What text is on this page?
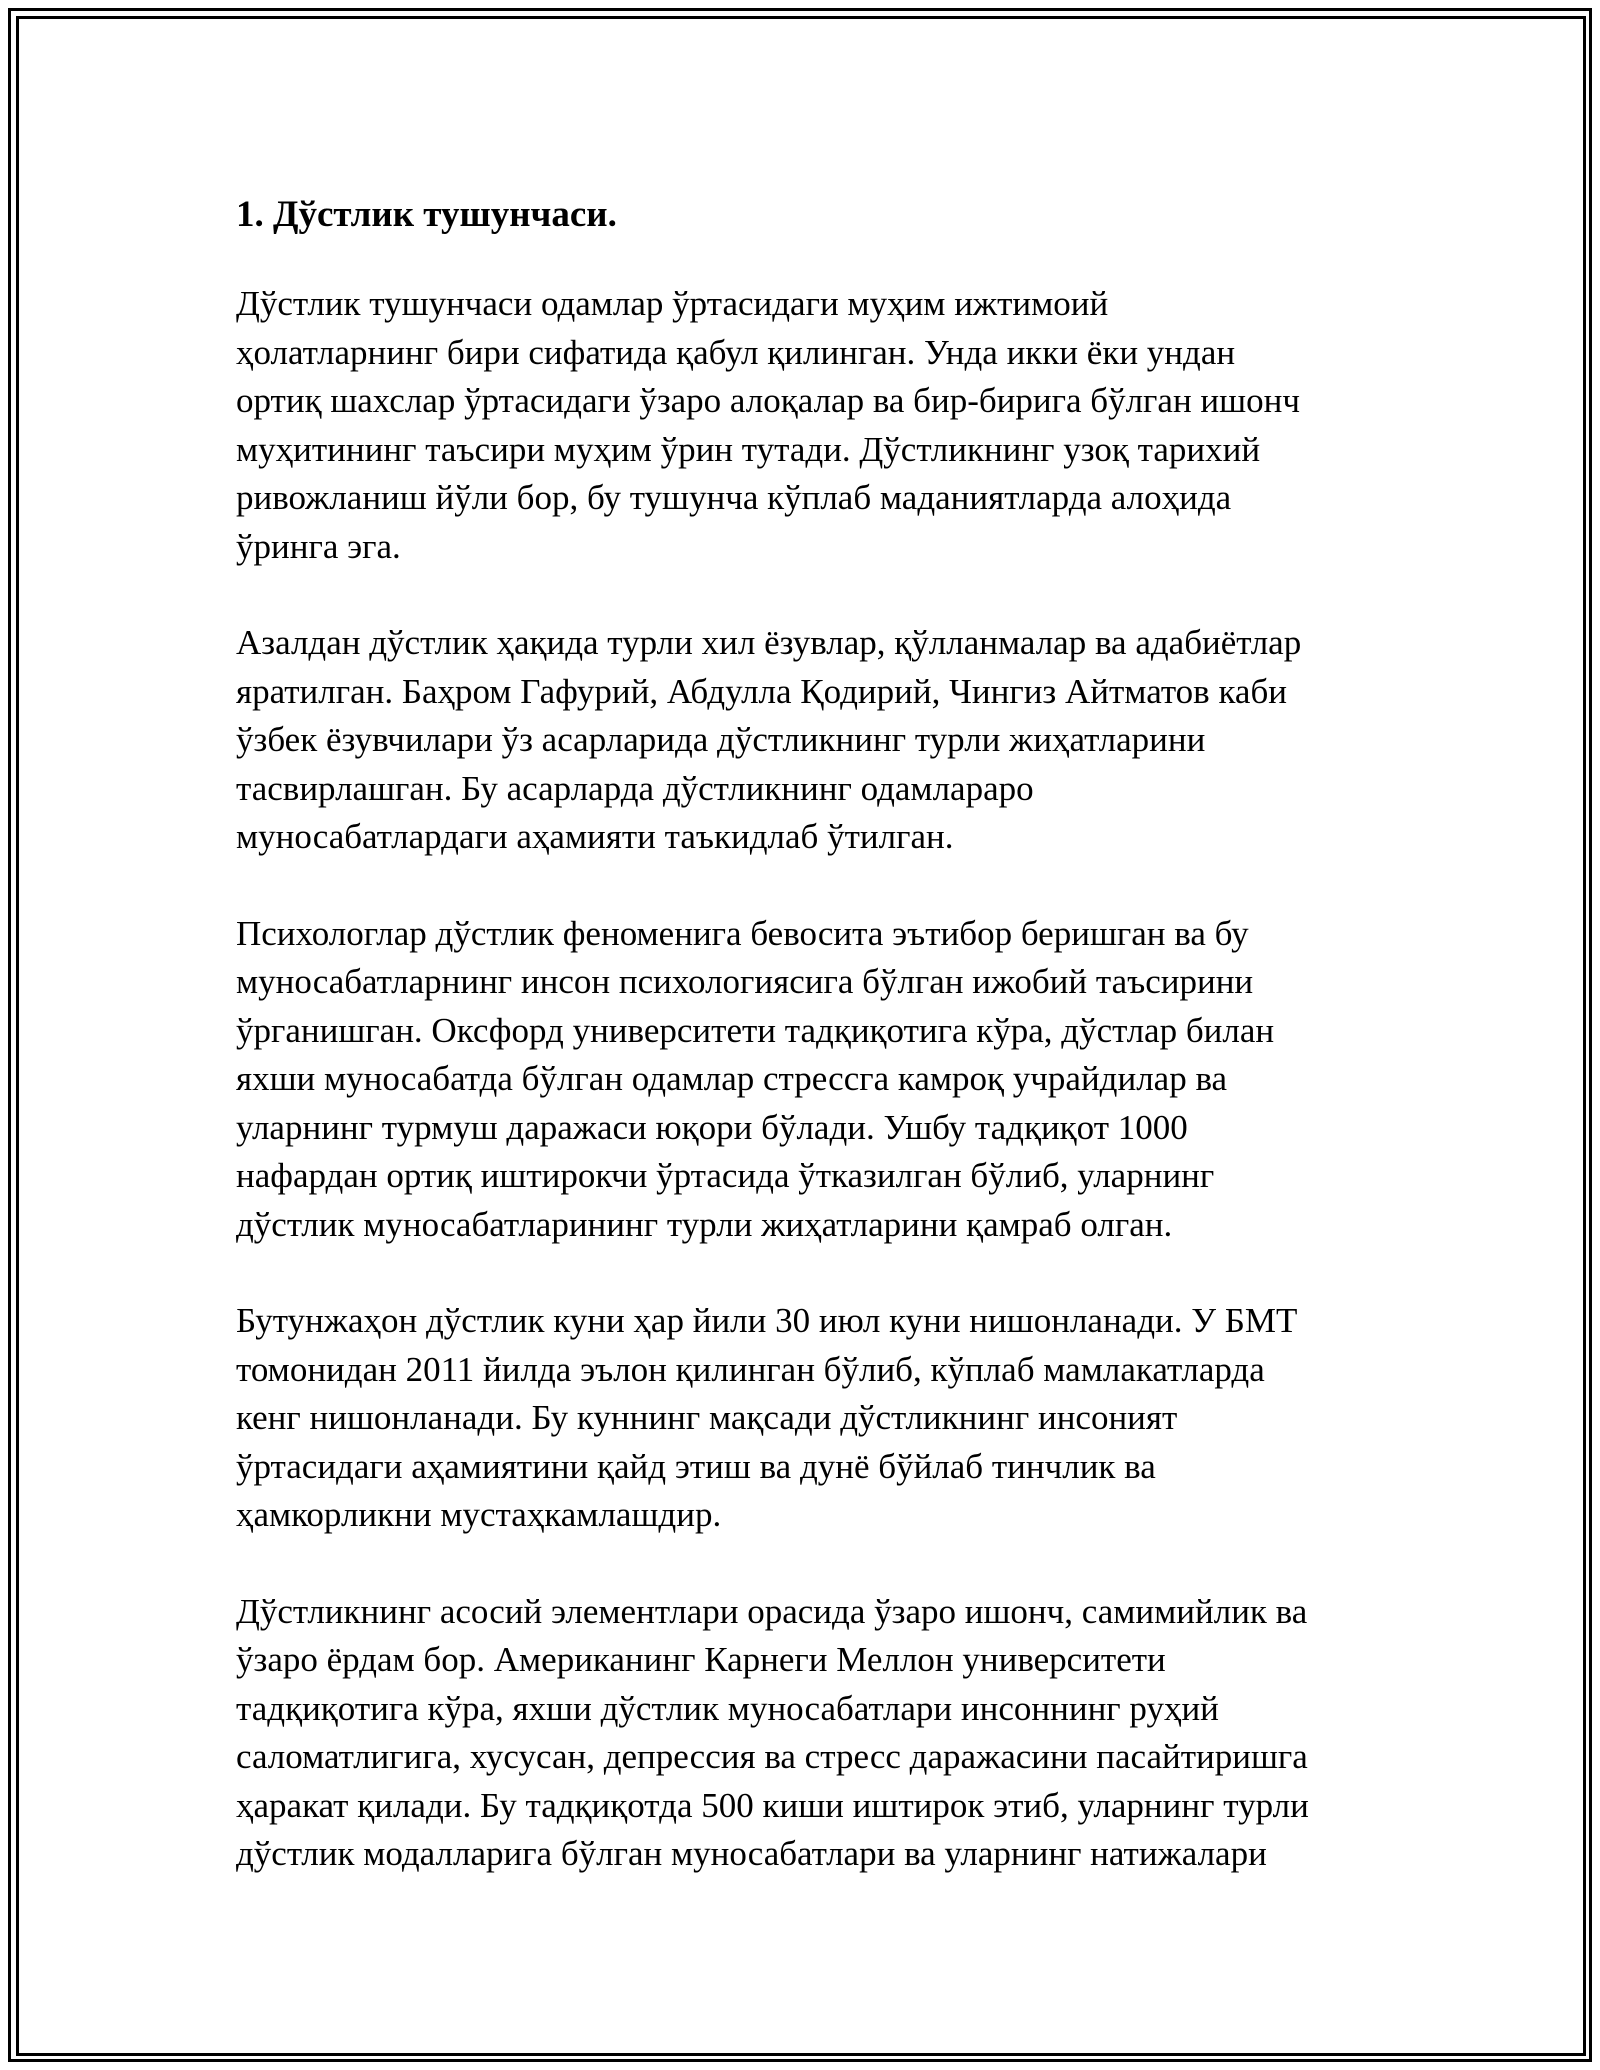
1. Дўстлик тушунчаси.
Дўстлик тушунчаси одамлар ўртасидаги муҳим ижтимоий
ҳолатларнинг бири сифатида қабул қилинган. Унда икки ёки ундан
ортиқ шахслар ўртасидаги ўзаро алоқалар ва бир-бирига бўлган ишонч
муҳитининг таъсири муҳим ўрин тутади. Дўстликнинг узоқ тарихий
ривожланиш йўли бор, бу тушунча кўплаб маданиятларда алоҳида
ўринга эга.
Азалдан дўстлик ҳақида турли хил ёзувлар, қўлланмалар ва адабиётлар
яратилган. Баҳром Гафурий, Абдулла Қодирий, Чингиз Айтматов каби
ўзбек ёзувчилари ўз асарларида дўстликнинг турли жиҳатларини
тасвирлашган. Бу асарларда дўстликнинг одамлараро
муносабатлардаги аҳамияти таъкидлаб ўтилган.
Психологлар дўстлик феноменига бевосита эътибор беришган ва бу
муносабатларнинг инсон психологиясига бўлган ижобий таъсирини
ўрганишган. Оксфорд университети тадқиқотига кўра, дўстлар билан
яхши муносабатда бўлган одамлар стрессга камроқ учрайдилар ва
уларнинг турмуш даражаси юқори бўлади. Ушбу тадқиқот 1000
нафардан ортиқ иштирокчи ўртасида ўтказилган бўлиб, уларнинг
дўстлик муносабатларининг турли жиҳатларини қамраб олган.
Бутунжаҳон дўстлик куни ҳар йили 30 июл куни нишонланади. У БМТ
томонидан 2011 йилда эълон қилинган бўлиб, кўплаб мамлакатларда
кенг нишонланади. Бу куннинг мақсади дўстликнинг инсоният
ўртасидаги аҳамиятини қайд этиш ва дунё бўйлаб тинчлик ва
ҳамкорликни мустаҳкамлашдир.
Дўстликнинг асосий элементлари орасида ўзаро ишонч, самимийлик ва
ўзаро ёрдам бор. Американинг Карнеги Меллон университети
тадқиқотига кўра, яхши дўстлик муносабатлари инсоннинг руҳий
саломатлигига, хусусан, депрессия ва стресс даражасини пасайтиришга
ҳаракат қилади. Бу тадқиқотда 500 киши иштирок этиб, уларнинг турли
дўстлик модалларига бўлган муносабатлари ва уларнинг натижалари
